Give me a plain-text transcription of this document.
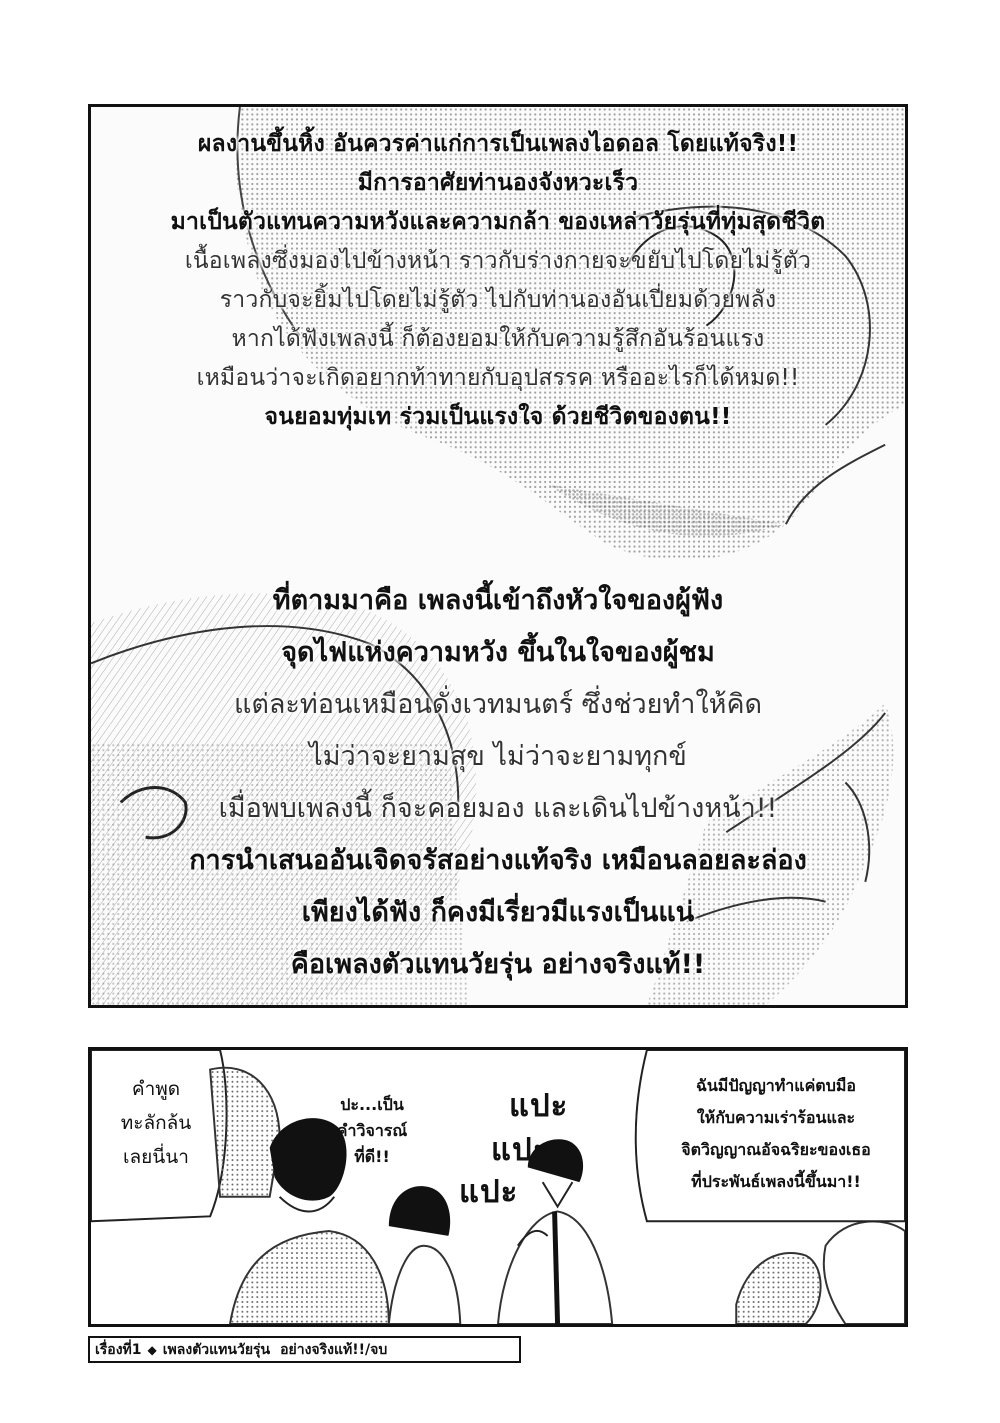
ผลงานขึ้นหิ้ง อันควรค่าแก่การเป็นเพลงไอดอล โดยแท้จริง!!
มีการอาศัยท่านองจังหวะเร็ว
มาเป็นตัวแทนความหวังและความกล้า ของเหล่าวัยรุ่นที่ทุ่มสุดชีวิต
เนื้อเพลงซึ่งมองไปข้างหน้า ราวกับร่างกายจะขยับไปโดยไม่รู้ตัว
ราวกับจะยิ้มไปโดยไม่รู้ตัว ไปกับท่านองอันเปี่ยมด้วยพลัง
หากได้ฟังเพลงนี้ ก็ต้องยอมให้กับความรู้สึกอันร้อนแรง
เหมือนว่าจะเกิดอยากท้าทายกับอุปสรรค หรืออะไรก็ได้หมด!!
จนยอมทุ่มเท ร่วมเป็นแรงใจ ด้วยชีวิตของตน!!
ที่ตามมาคือ เพลงนี้เข้าถึงหัวใจของผู้ฟัง
จุดไฟแห่งความหวัง ขึ้นในใจของผู้ชม
แต่ละท่อนเหมือนดั่งเวทมนตร์ ซึ่งช่วยทำให้คิด
ไม่ว่าจะยามสุข ไม่ว่าจะยามทุกข์
เมื่อพบเพลงนี้ ก็จะคอยมอง และเดินไปข้างหน้า!!
การนำเสนออันเจิดจรัสอย่างแท้จริง เหมือนลอยละล่อง
เพียงได้ฟัง ก็คงมีเรี่ยวมีแรงเป็นแน่
คือเพลงตัวแทนวัยรุ่น อย่างจริงแท้!!
คำพูด
ทะลักล้น
เลยนี่นา
ปะ...เป็น
คำวิจารณ์
ที่ดี!!
แปะ
แปะ
แปะ
ฉันมีปัญญาทำแค่ตบมือ
ให้กับความเร่าร้อนและ
จิตวิญญาณอัจฉริยะของเธอ
ที่ประพันธ์เพลงนี้ขึ้นมา!!
เรื่องที่1 ◆ เพลงตัวแทนวัยรุ่น อย่างจริงแท้!!/จบ
